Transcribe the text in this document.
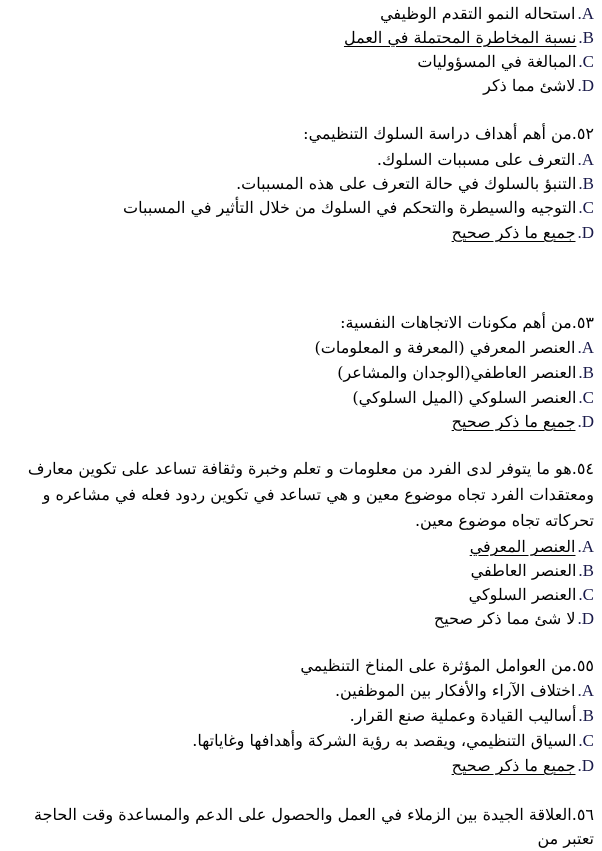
A.
استحاله النمو التقدم الوظيفي
B.
نسبة المخاطرة المحتملة في العمل
C.
المبالغة في المسؤوليات
D.
لاشئ مما ذكر
٥٢.من أهم أهداف دراسة السلوك التنظيمي:
A.
التعرف على مسببات السلوك.
B.
التنبؤ بالسلوك في حالة التعرف على هذه المسببات.
C.
التوجيه والسيطرة والتحكم في السلوك من خلال التأثير في المسببات
D.
جميع ما ذكر صحيح
٥٣.من أهم مكونات الاتجاهات النفسية:
A.
العنصر المعرفي (المعرفة و المعلومات)
B.
العنصر العاطفي(الوجدان والمشاعر)
C.
العنصر السلوكي (الميل السلوكي)
D.
جميع ما ذكر صحيح
٥٤.هو ما يتوفر لدى الفرد من معلومات و تعلم وخبرة وثقافة تساعد على تكوين معارف
ومعتقدات الفرد تجاه موضوع معين و هي تساعد في تكوين ردود فعله في مشاعره و
تحركاته تجاه موضوع معين.
A.
العنصر المعرفي
B.
العنصر العاطفي
C.
العنصر السلوكي
D.
لا شئ مما ذكر صحيح
٥٥.من العوامل المؤثرة على المناخ التنظيمي
A.
اختلاف الآراء والأفكار بين الموظفين.
B.
أساليب القيادة وعملية صنع القرار.
C.
السياق التنظيمي، ويقصد به رؤية الشركة وأهدافها وغاياتها.
D.
جميع ما ذكر صحيح
٥٦.العلاقة الجيدة بين الزملاء في العمل والحصول على الدعم والمساعدة وقت الحاجة
تعتبر من
